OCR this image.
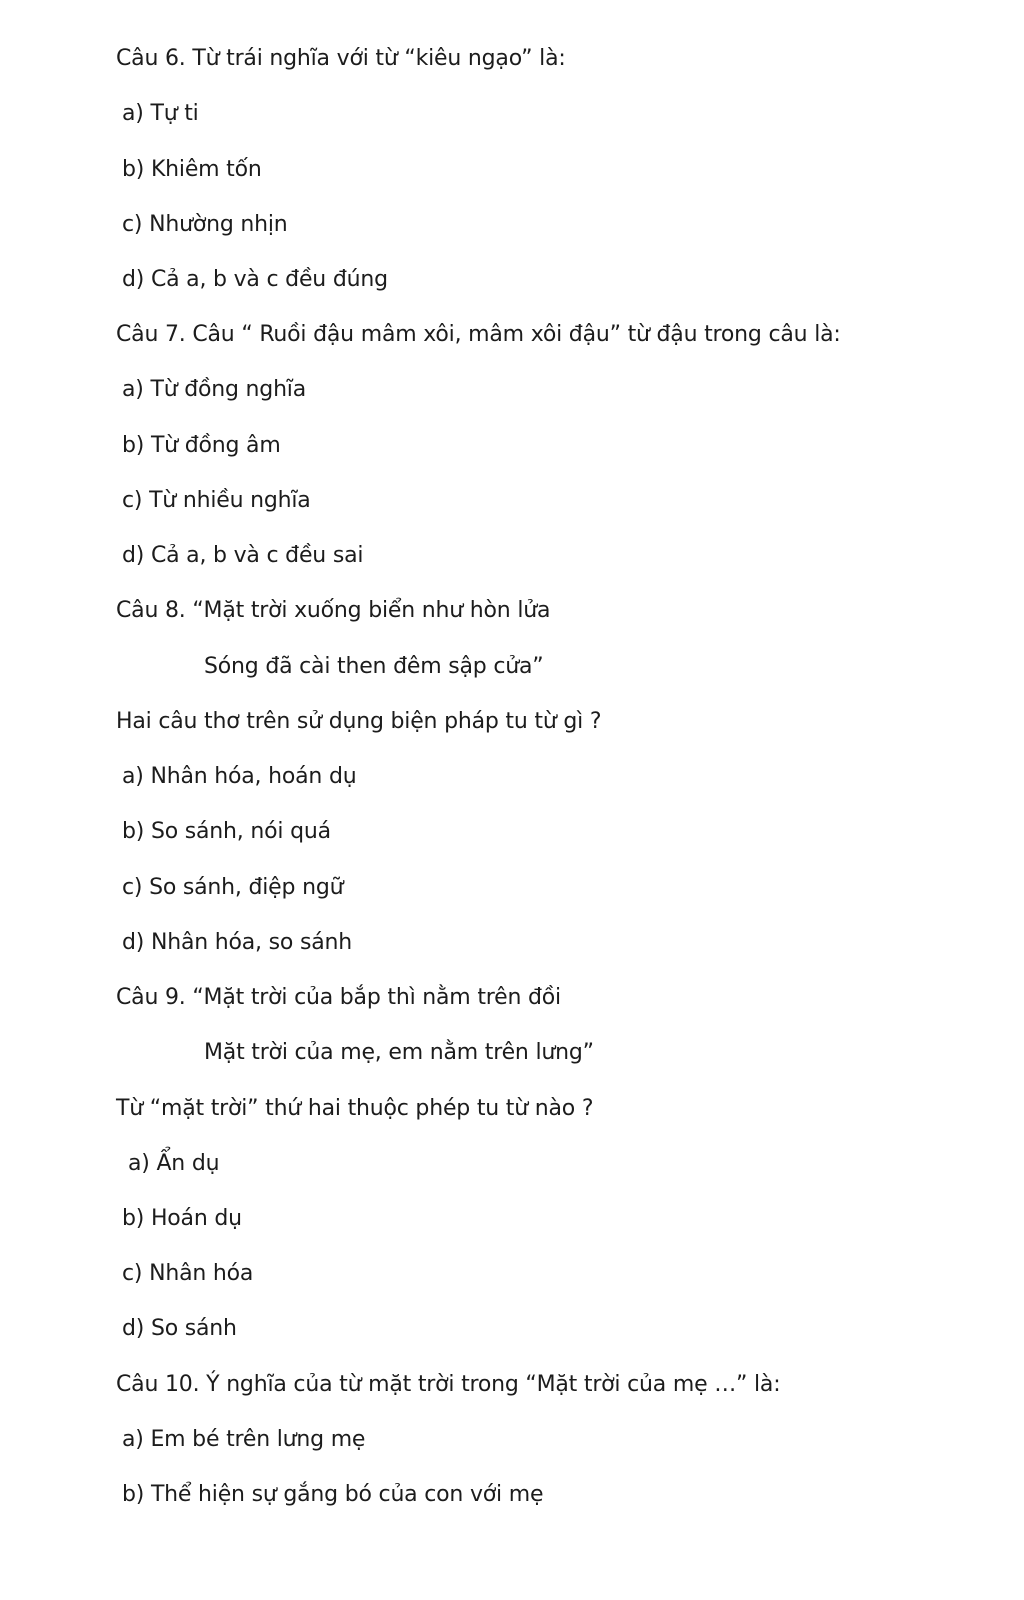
Câu 6. Từ trái nghĩa với từ “kiêu ngạo” là:
a) Tự ti
b) Khiêm tốn
c) Nhường nhịn
d) Cả a, b và c đều đúng
Câu 7. Câu “ Ruồi đậu mâm xôi, mâm xôi đậu” từ đậu trong câu là:
a) Từ đồng nghĩa
b) Từ đồng âm
c) Từ nhiều nghĩa
d) Cả a, b và c đều sai
Câu 8. “Mặt trời xuống biển như hòn lửa
Sóng đã cài then đêm sập cửa”
Hai câu thơ trên sử dụng biện pháp tu từ gì ?
a) Nhân hóa, hoán dụ
b) So sánh, nói quá
c) So sánh, điệp ngữ
d) Nhân hóa, so sánh
Câu 9. “Mặt trời của bắp thì nằm trên đồi
Mặt trời của mẹ, em nằm trên lưng”
Từ “mặt trời” thứ hai thuộc phép tu từ nào ?
a) Ẩn dụ
b) Hoán dụ
c) Nhân hóa
d) So sánh
Câu 10. Ý nghĩa của từ mặt trời trong “Mặt trời của mẹ …” là:
a) Em bé trên lưng mẹ
b) Thể hiện sự gắng bó của con với mẹ
